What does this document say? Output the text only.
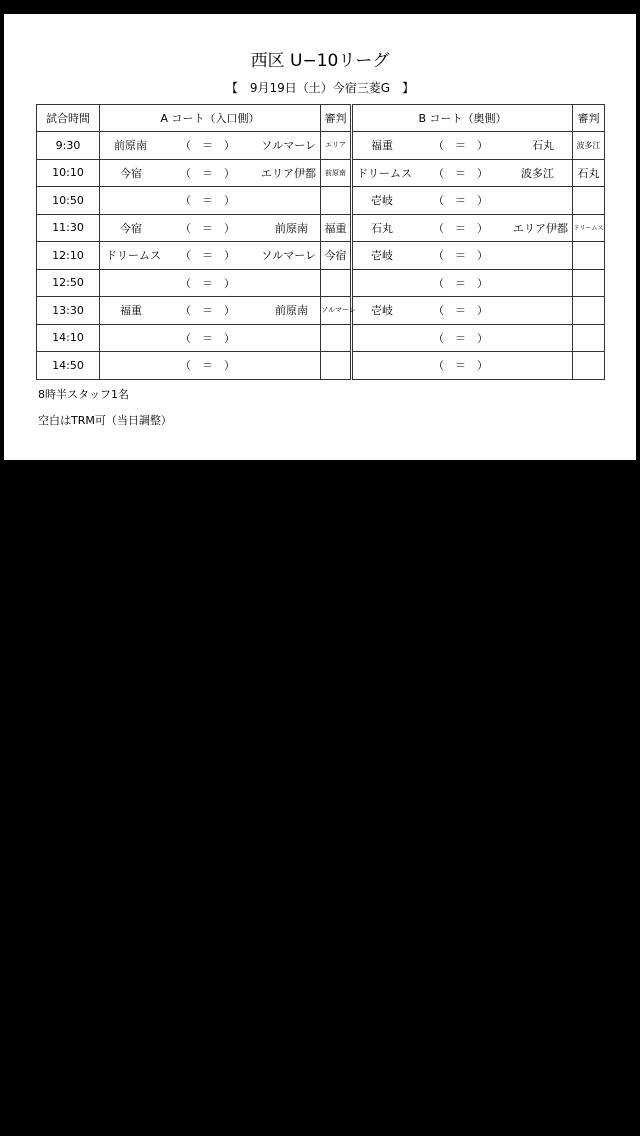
西区 U−10リーグ
【　9月19日（土）今宿三菱G　】
試合時間	A コート（入口側）	審判	B コート（奥側）	審判
9:30	前原南 （　＝　） ソルマーレ	エリア	福重 （　＝　） 石丸	波多江
10:10	今宿 （　＝　） エリア伊都	前原南	ドリームス （　＝　） 波多江	石丸
10:50	（　＝　）		壱岐 （　＝　）	

11:30	今宿 （　＝　） 前原南	福重	石丸 （　＝　） エリア伊都	ドリームス
12:10	ドリームス （　＝　） ソルマーレ	今宿	壱岐 （　＝　）	

12:50	（　＝　）		（　＝　）	

13:30	福重 （　＝　） 前原南	ソルマーレ	壱岐 （　＝　）	

14:10	（　＝　）		（　＝　）	

14:50	（　＝　）		（　＝　）	

8時半スタッフ1名
空白はTRM可（当日調整）
